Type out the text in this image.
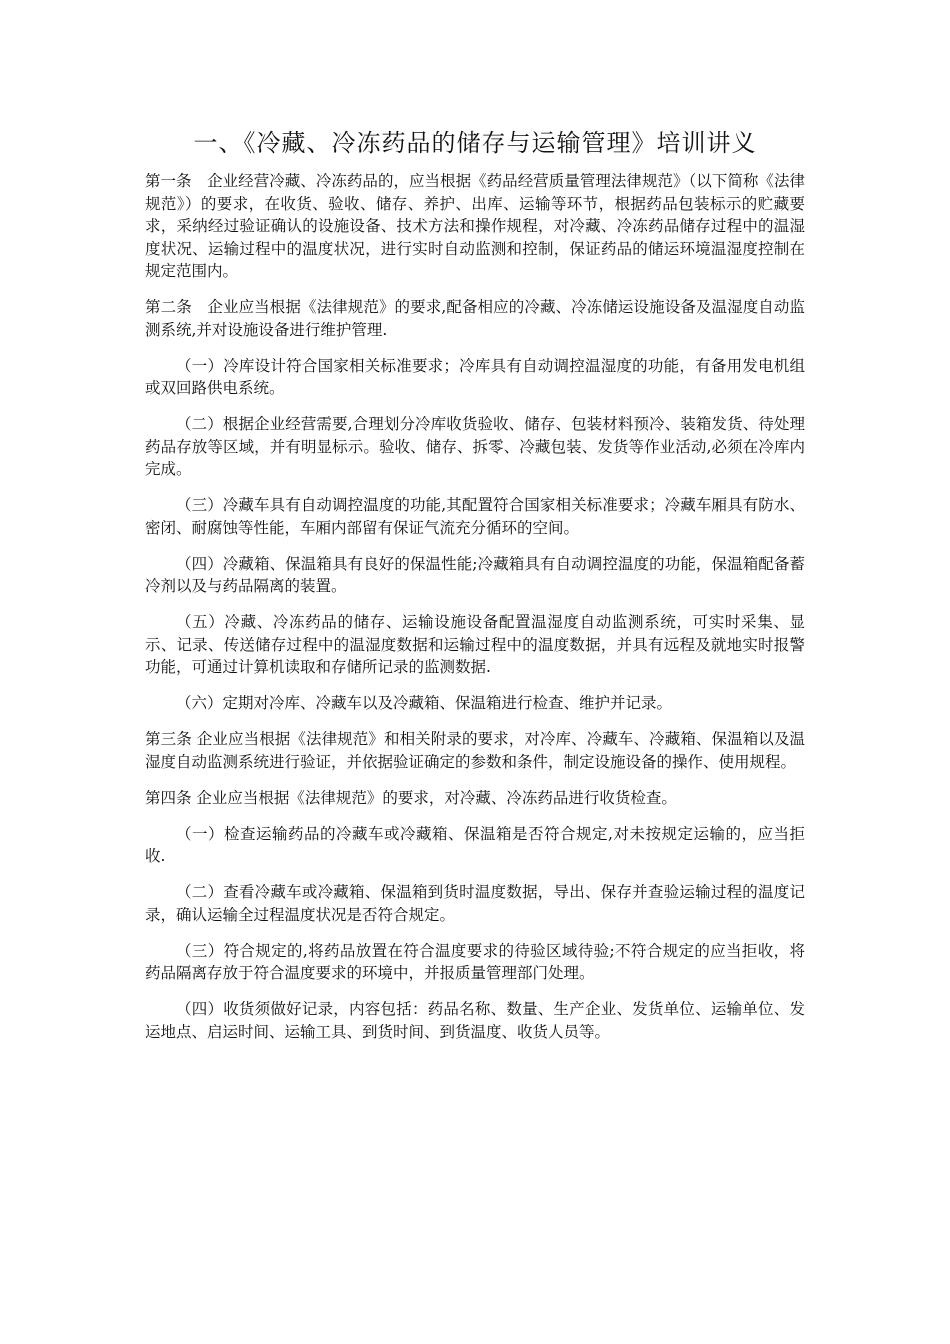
一、《冷藏、冷冻药品的储存与运输管理》培训讲义

第一条　企业经营冷藏、冷冻药品的，应当根据《药品经营质量管理法律规范》（以下简称《法律规范》）的要求，在收货、验收、储存、养护、出库、运输等环节，根据药品包装标示的贮藏要求，采纳经过验证确认的设施设备、技术方法和操作规程，对冷藏、冷冻药品储存过程中的温湿度状况、运输过程中的温度状况，进行实时自动监测和控制，保证药品的储运环境温湿度控制在规定范围内。

第二条　企业应当根据《法律规范》的要求,配备相应的冷藏、冷冻储运设施设备及温湿度自动监测系统,并对设施设备进行维护管理.

（一）冷库设计符合国家相关标准要求；冷库具有自动调控温湿度的功能，有备用发电机组或双回路供电系统。

（二）根据企业经营需要,合理划分冷库收货验收、储存、包装材料预冷、装箱发货、待处理药品存放等区域，并有明显标示。验收、储存、拆零、冷藏包装、发货等作业活动,必须在冷库内完成。

（三）冷藏车具有自动调控温度的功能,其配置符合国家相关标准要求；冷藏车厢具有防水、密闭、耐腐蚀等性能，车厢内部留有保证气流充分循环的空间。

（四）冷藏箱、保温箱具有良好的保温性能;冷藏箱具有自动调控温度的功能，保温箱配备蓄冷剂以及与药品隔离的装置。

（五）冷藏、冷冻药品的储存、运输设施设备配置温湿度自动监测系统，可实时采集、显示、记录、传送储存过程中的温湿度数据和运输过程中的温度数据，并具有远程及就地实时报警功能，可通过计算机读取和存储所记录的监测数据.

（六）定期对冷库、冷藏车以及冷藏箱、保温箱进行检查、维护并记录。

第三条 企业应当根据《法律规范》和相关附录的要求，对冷库、冷藏车、冷藏箱、保温箱以及温湿度自动监测系统进行验证，并依据验证确定的参数和条件，制定设施设备的操作、使用规程。

第四条 企业应当根据《法律规范》的要求，对冷藏、冷冻药品进行收货检查。

（一）检查运输药品的冷藏车或冷藏箱、保温箱是否符合规定,对未按规定运输的，应当拒收.

（二）查看冷藏车或冷藏箱、保温箱到货时温度数据，导出、保存并查验运输过程的温度记录，确认运输全过程温度状况是否符合规定。

（三）符合规定的,将药品放置在符合温度要求的待验区域待验;不符合规定的应当拒收，将药品隔离存放于符合温度要求的环境中，并报质量管理部门处理。

（四）收货须做好记录，内容包括：药品名称、数量、生产企业、发货单位、运输单位、发运地点、启运时间、运输工具、到货时间、到货温度、收货人员等。
